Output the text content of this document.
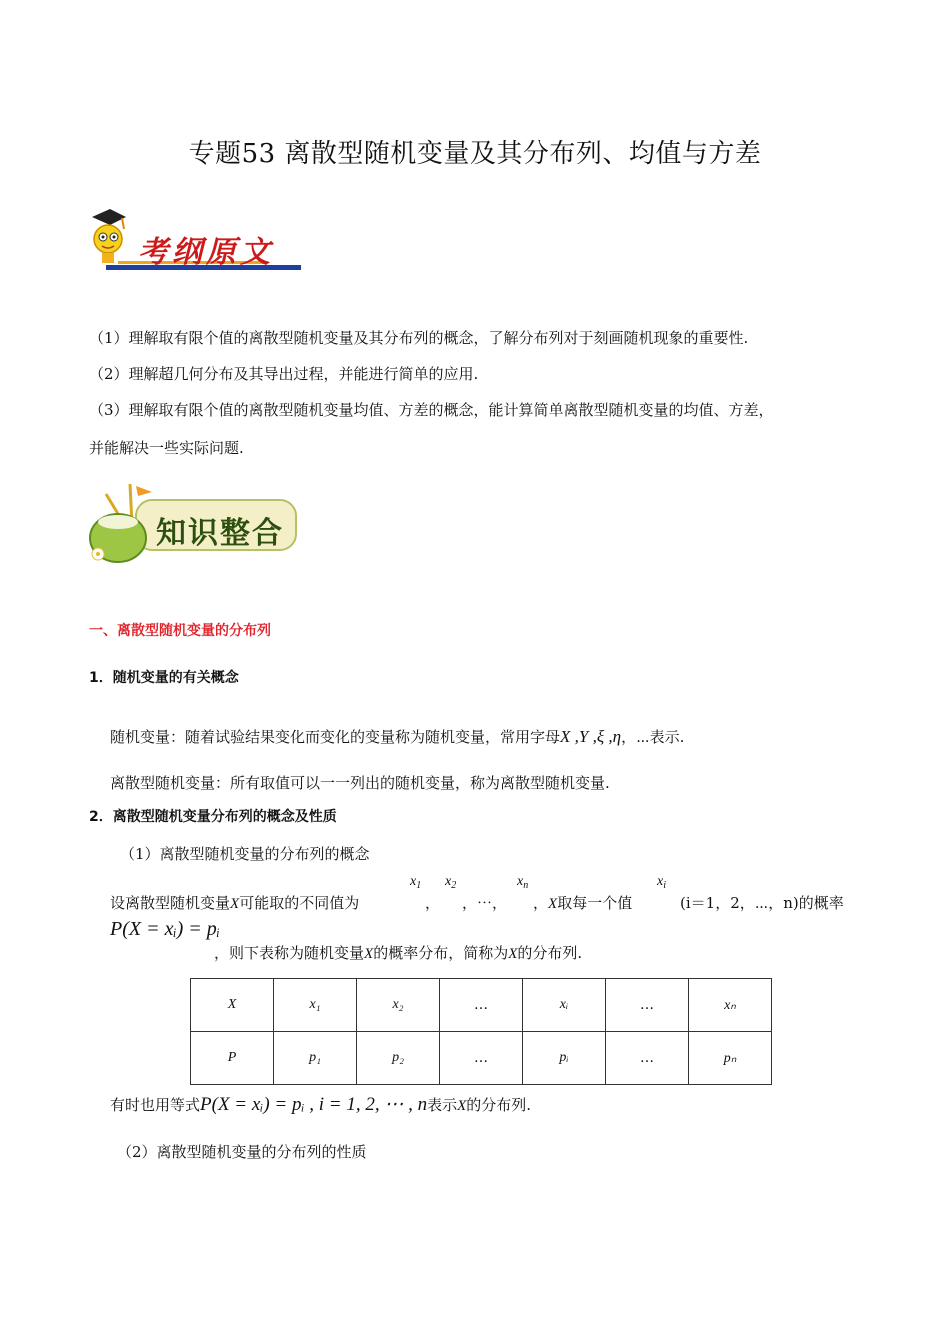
专题53 离散型随机变量及其分布列、均值与方差
考纲原文
（1）理解取有限个值的离散型随机变量及其分布列的概念，了解分布列对于刻画随机现象的重要性.
（2）理解超几何分布及其导出过程，并能进行简单的应用.
（3）理解取有限个值的离散型随机变量均值、方差的概念，能计算简单离散型随机变量的均值、方差，
并能解决一些实际问题.
知识整合
一、离散型随机变量的分布列
1．随机变量的有关概念
随机变量：随着试验结果变化而变化的变量称为随机变量，常用字母X ,Y ,ξ ,η，⋯表示.
离散型随机变量：所有取值可以一一列出的随机变量，称为离散型随机变量.
2．离散型随机变量分布列的概念及性质
（1）离散型随机变量的分布列的概念
$x_1$ $x_2$	$x_n$	$x_i$
设离散型随机变量X可能取的不同值为	， ，⋯， ，X取每一个值	(i＝1，2，⋯，n)的概率
P(X = xᵢ) = pᵢ
，则下表称为随机变量X的概率分布，简称为X的分布列.
X	x₁	x₂	…	xᵢ	…	xₙ
P	p₁	p₂	…	pᵢ	…	pₙ
有时也用等式P(X = xᵢ) = pᵢ , i = 1, 2, ⋯ , n表示X的分布列.
（2）离散型随机变量的分布列的性质
